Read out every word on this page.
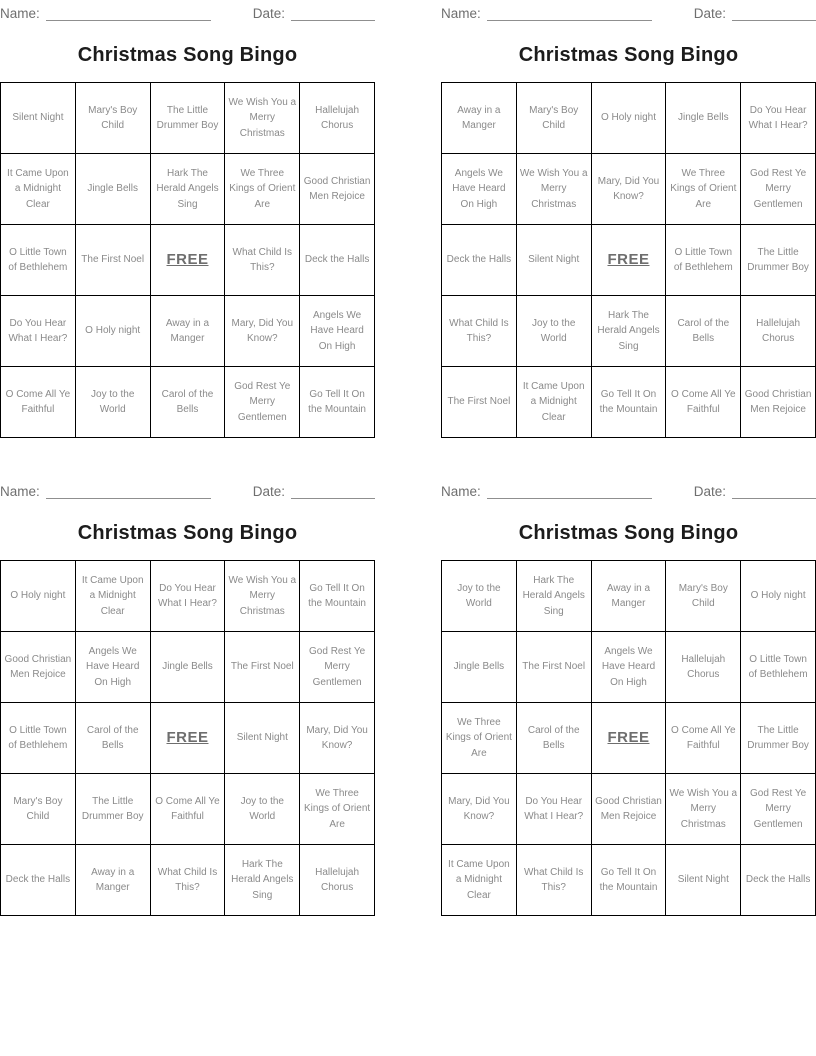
Name:	Date:
Christmas Song Bingo
Silent Night	Mary's Boy Child	The Little Drummer Boy	We Wish You a Merry Christmas	Hallelujah Chorus
It Came Upon a Midnight Clear	Jingle Bells	Hark The Herald Angels Sing	We Three Kings of Orient Are	Good Christian Men Rejoice
O Little Town of Bethlehem	The First Noel	FREE	What Child Is This?	Deck the Halls
Do You Hear What I Hear?	O Holy night	Away in a Manger	Mary, Did You Know?	Angels We Have Heard On High
O Come All Ye Faithful	Joy to the World	Carol of the Bells	God Rest Ye Merry Gentlemen	Go Tell It On the Mountain
Name:	Date:
Christmas Song Bingo
Away in a Manger	Mary's Boy Child	O Holy night	Jingle Bells	Do You Hear What I Hear?
Angels We Have Heard On High	We Wish You a Merry Christmas	Mary, Did You Know?	We Three Kings of Orient Are	God Rest Ye Merry Gentlemen
Deck the Halls	Silent Night	FREE	O Little Town of Bethlehem	The Little Drummer Boy
What Child Is This?	Joy to the World	Hark The Herald Angels Sing	Carol of the Bells	Hallelujah Chorus
The First Noel	It Came Upon a Midnight Clear	Go Tell It On the Mountain	O Come All Ye Faithful	Good Christian Men Rejoice
Name:	Date:
Christmas Song Bingo
O Holy night	It Came Upon a Midnight Clear	Do You Hear What I Hear?	We Wish You a Merry Christmas	Go Tell It On the Mountain
Good Christian Men Rejoice	Angels We Have Heard On High	Jingle Bells	The First Noel	God Rest Ye Merry Gentlemen
O Little Town of Bethlehem	Carol of the Bells	FREE	Silent Night	Mary, Did You Know?
Mary's Boy Child	The Little Drummer Boy	O Come All Ye Faithful	Joy to the World	We Three Kings of Orient Are
Deck the Halls	Away in a Manger	What Child Is This?	Hark The Herald Angels Sing	Hallelujah Chorus
Name:	Date:
Christmas Song Bingo
Joy to the World	Hark The Herald Angels Sing	Away in a Manger	Mary's Boy Child	O Holy night
Jingle Bells	The First Noel	Angels We Have Heard On High	Hallelujah Chorus	O Little Town of Bethlehem
We Three Kings of Orient Are	Carol of the Bells	FREE	O Come All Ye Faithful	The Little Drummer Boy
Mary, Did You Know?	Do You Hear What I Hear?	Good Christian Men Rejoice	We Wish You a Merry Christmas	God Rest Ye Merry Gentlemen
It Came Upon a Midnight Clear	What Child Is This?	Go Tell It On the Mountain	Silent Night	Deck the Halls
